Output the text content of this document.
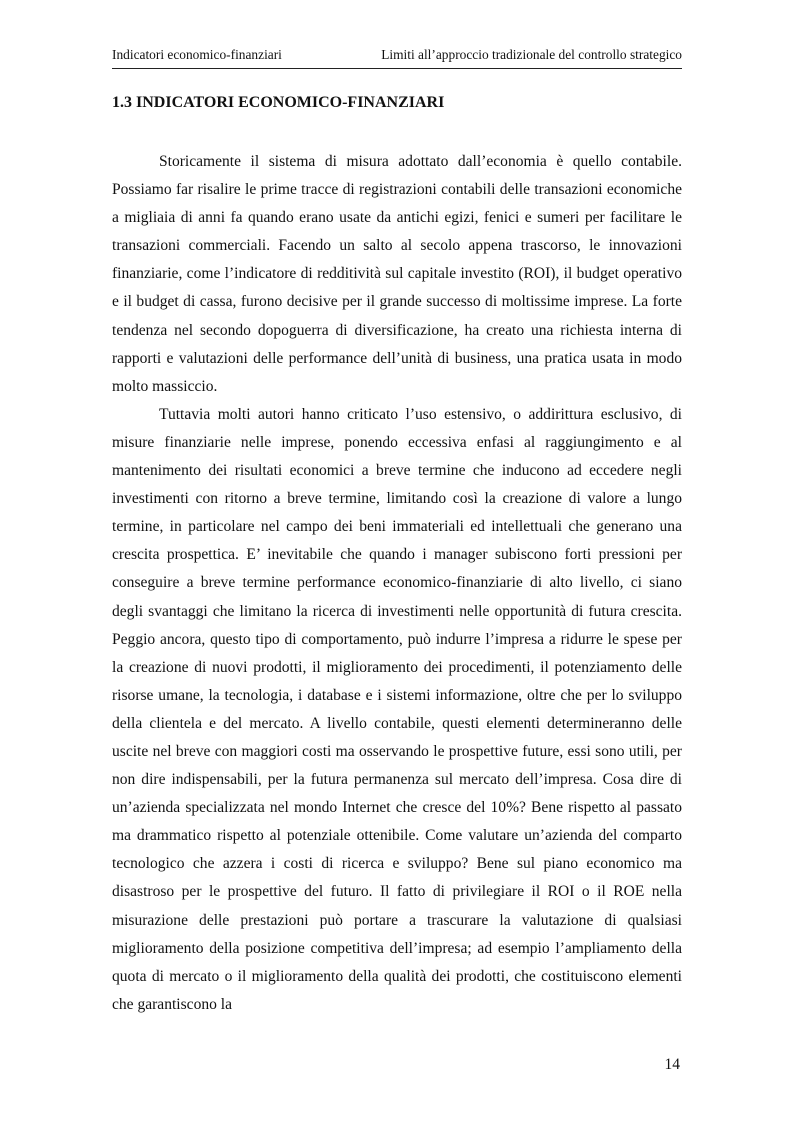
Indicatori economico-finanziari	Limiti all’approccio tradizionale del controllo strategico
1.3 INDICATORI ECONOMICO-FINANZIARI

Storicamente il sistema di misura adottato dall’economia è quello contabile. Possiamo far risalire le prime tracce di registrazioni contabili delle transazioni economiche a migliaia di anni fa quando erano usate da antichi egizi, fenici e sumeri per facilitare le transazioni commerciali. Facendo un salto al secolo appena trascorso, le innovazioni finanziarie, come l’indicatore di redditività sul capitale investito (ROI), il budget operativo e il budget di cassa, furono decisive per il grande successo di moltissime imprese. La forte tendenza nel secondo dopoguerra di diversificazione, ha creato una richiesta interna di rapporti e valutazioni delle performance dell’unità di business, una pratica usata in modo molto massiccio.

Tuttavia molti autori hanno criticato l’uso estensivo, o addirittura esclusivo, di misure finanziarie nelle imprese, ponendo eccessiva enfasi al raggiungimento e al mantenimento dei risultati economici a breve termine che inducono ad eccedere negli investimenti con ritorno a breve termine, limitando così la creazione di valore a lungo termine, in particolare nel campo dei beni immateriali ed intellettuali che generano una crescita prospettica. E’ inevitabile che quando i manager subiscono forti pressioni per conseguire a breve termine performance economico-finanziarie di alto livello, ci siano degli svantaggi che limitano la ricerca di investimenti nelle opportunità di futura crescita. Peggio ancora, questo tipo di comportamento, può indurre l’impresa a ridurre le spese per la creazione di nuovi prodotti, il miglioramento dei procedimenti, il potenziamento delle risorse umane, la tecnologia, i database e i sistemi informazione, oltre che per lo sviluppo della clientela e del mercato. A livello contabile, questi elementi determineranno delle uscite nel breve con maggiori costi ma osservando le prospettive future, essi sono utili, per non dire indispensabili, per la futura permanenza sul mercato dell’impresa. Cosa dire di un’azienda specializzata nel mondo Internet che cresce del 10%? Bene rispetto al passato ma drammatico rispetto al potenziale ottenibile. Come valutare un’azienda del comparto tecnologico che azzera i costi di ricerca e sviluppo? Bene sul piano economico ma disastroso per le prospettive del futuro. Il fatto di privilegiare il ROI o il ROE nella misurazione delle prestazioni può portare a trascurare la valutazione di qualsiasi miglioramento della posizione competitiva dell’impresa; ad esempio l’ampliamento della quota di mercato o il miglioramento della qualità dei prodotti, che costituiscono elementi che garantiscono la

14
